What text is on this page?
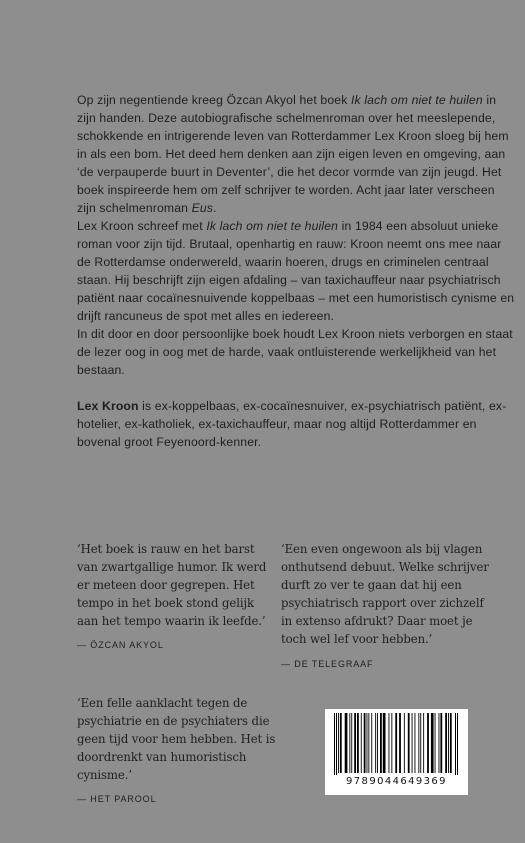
Op zijn negentiende kreeg Özcan Akyol het boek Ik lach om niet te huilen in zijn handen. Deze autobiografische schelmenroman over het meeslepende, schokkende en intrigerende leven van Rotterdammer Lex Kroon sloeg bij hem in als een bom. Het deed hem denken aan zijn eigen leven en omgeving, aan ‘de verpauperde buurt in Deventer’, die het decor vormde van zijn jeugd. Het boek inspireerde hem om zelf schrijver te worden. Acht jaar later verscheen zijn schelmenroman Eus.

Lex Kroon schreef met Ik lach om niet te huilen in 1984 een absoluut unieke roman voor zijn tijd. Brutaal, openhartig en rauw: Kroon neemt ons mee naar de Rotterdamse onderwereld, waarin hoeren, drugs en criminelen centraal staan. Hij beschrijft zijn eigen afdaling – van taxichauffeur naar psychiatrisch patiënt naar cocaïnesnuivende koppelbaas – met een humoristisch cynisme en drijft rancuneus de spot met alles en iedereen.

In dit door en door persoonlijke boek houdt Lex Kroon niets verborgen en staat de lezer oog in oog met de harde, vaak ontluisterende werkelijkheid van het bestaan.

Lex Kroon is ex-koppelbaas, ex-cocaïnesnuiver, ex-psychiatrisch patiënt, ex-hotelier, ex-katholiek, ex-taxichauffeur, maar nog altijd Rotterdammer en bovenal groot Feyenoord-kenner.

‘Het boek is rauw en het barst van zwartgallige humor. Ik werd er meteen door gegrepen. Het tempo in het boek stond gelijk aan het tempo waarin ik leefde.’

— ÖZCAN AKYOL

‘Een even ongewoon als bij vlagen onthutsend debuut. Welke schrijver durft zo ver te gaan dat hij een psychiatrisch rapport over zichzelf in extenso afdrukt? Daar moet je toch wel lef voor hebben.’

— DE TELEGRAAF

‘Een felle aanklacht tegen de psychiatrie en de psychiaters die geen tijd voor hem hebben. Het is doordrenkt van humoristisch cynisme.’

— HET PAROOL
9789044649369
